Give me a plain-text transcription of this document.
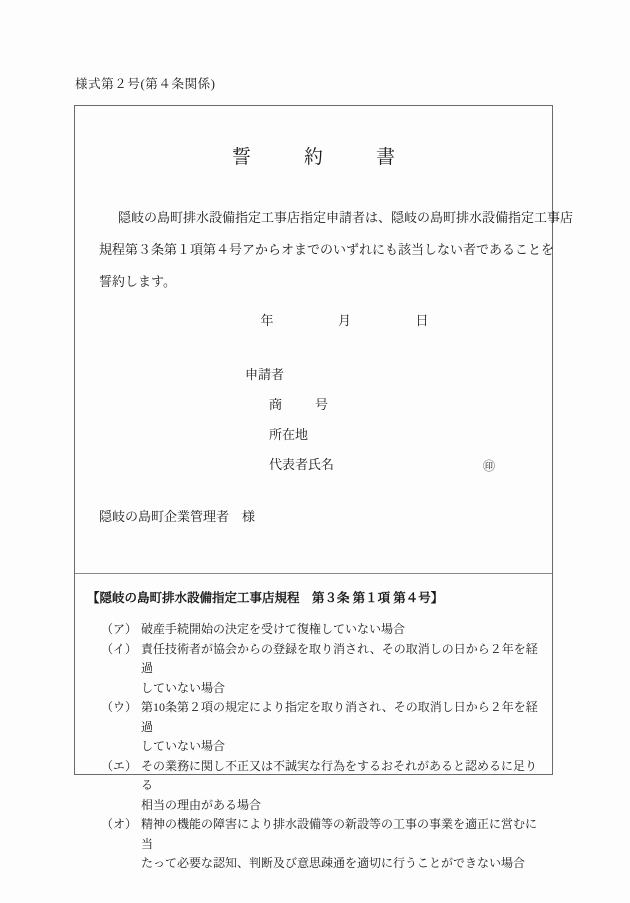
様式第２号(第４条関係)
誓　約　書
隠岐の島町排水設備指定工事店指定申請者は、隠岐の島町排水設備指定工事店
規程第３条第１項第４号アからオまでのいずれにも該当しない者であることを
誓約します。
年	月	日
申請者
商　号
所在地
代表者氏名	㊞
隠岐の島町企業管理者　様
【隠岐の島町排水設備指定工事店規程　第３条 第１項 第４号】
（ア） 破産手続開始の決定を受けて復権していない場合
（イ） 責任技術者が協会からの登録を取り消され、その取消しの日から２年を経過
していない場合
（ウ） 第10条第２項の規定により指定を取り消され、その取消し日から２年を経過
していない場合
（エ） その業務に関し不正又は不誠実な行為をするおそれがあると認めるに足りる
相当の理由がある場合
（オ） 精神の機能の障害により排水設備等の新設等の工事の事業を適正に営むに当
たって必要な認知、判断及び意思疎通を適切に行うことができない場合
